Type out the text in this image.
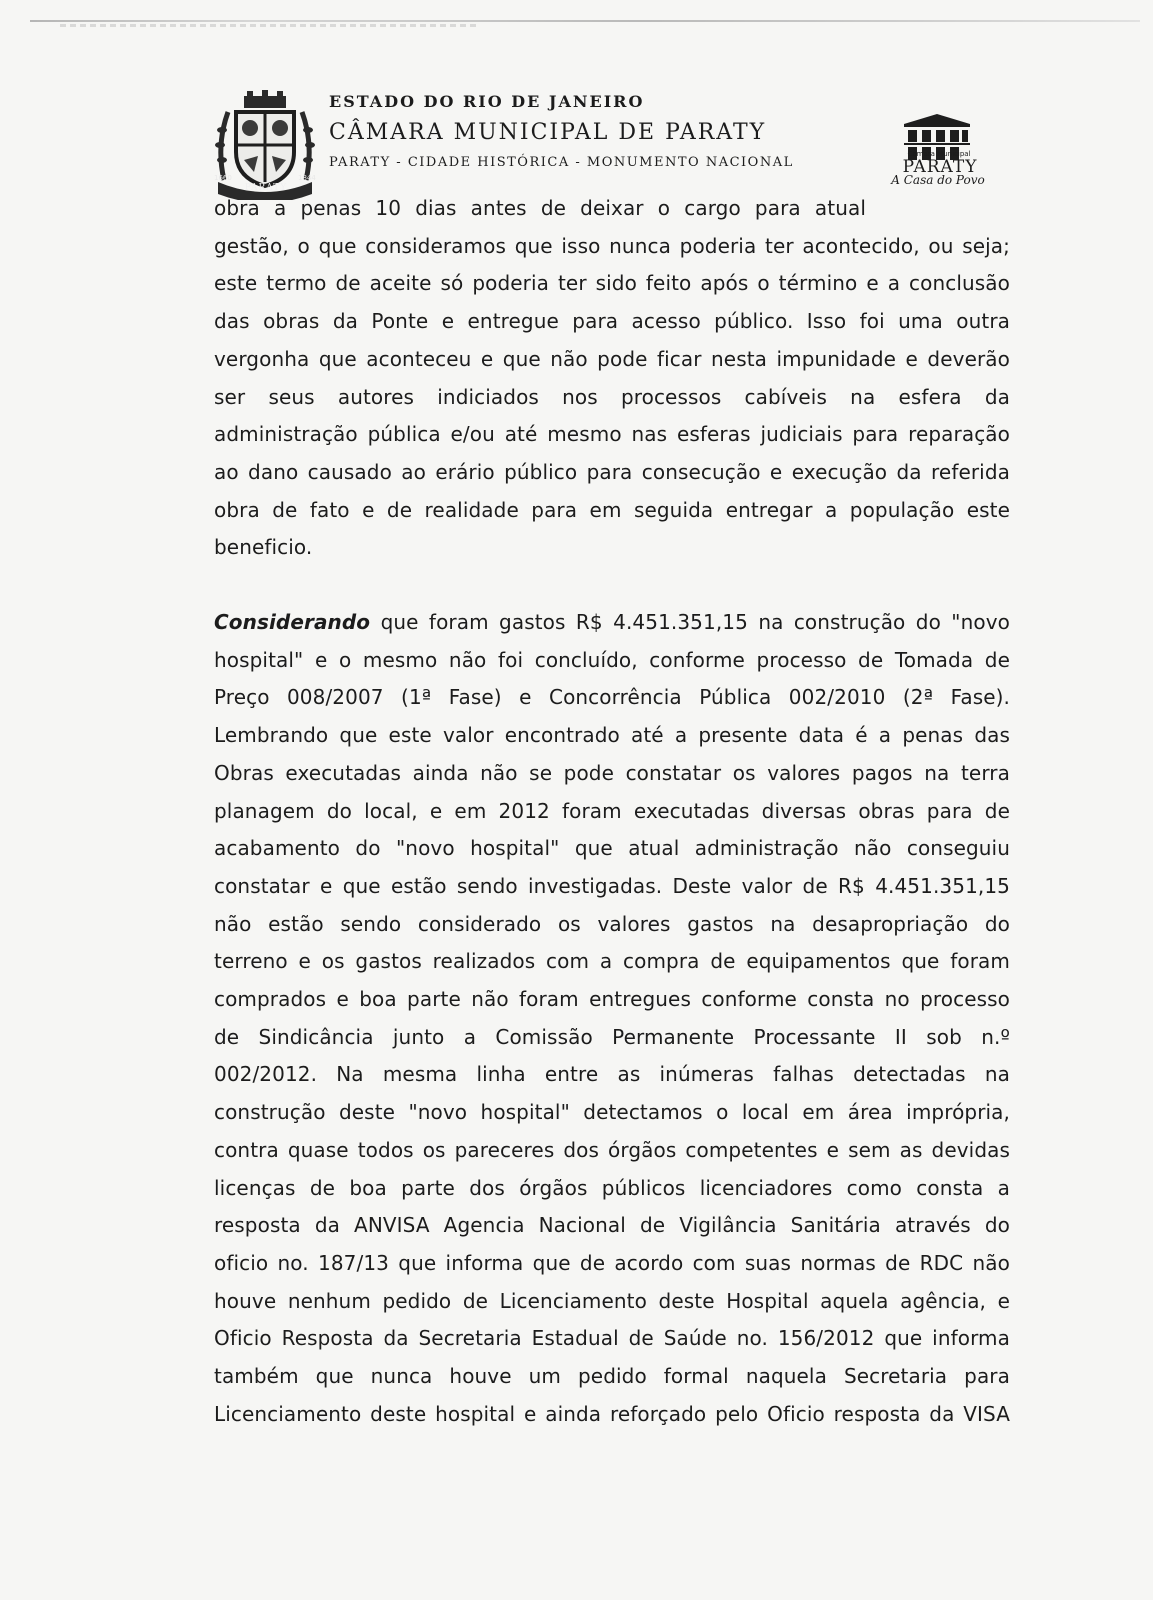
PARATY
1660	1844

ESTADO DO RIO DE JANEIRO

CÂMARA MUNICIPAL DE PARATY

PARATY - CIDADE HISTÓRICA - MONUMENTO NACIONAL

Câmara Municipal
PARATY
A Casa do Povo

obra a penas 10 dias antes de deixar o cargo para atual
gestão, o que consideramos que isso nunca poderia ter acontecido, ou seja;
este termo de aceite só poderia ter sido feito após o término e a conclusão
das obras da Ponte e entregue para acesso público. Isso foi uma outra
vergonha que aconteceu e que não pode ficar nesta impunidade e deverão
ser seus autores indiciados nos processos cabíveis na esfera da
administração pública e/ou até mesmo nas esferas judiciais para reparação
ao dano causado ao erário público para consecução e execução da referida
obra de fato e de realidade para em seguida entregar a população este
beneficio.

Considerando que foram gastos R$ 4.451.351,15 na construção do "novo
hospital" e o mesmo não foi concluído, conforme processo de Tomada de
Preço 008/2007 (1ª Fase) e Concorrência Pública 002/2010 (2ª Fase).
Lembrando que este valor encontrado até a presente data é a penas das
Obras executadas ainda não se pode constatar os valores pagos na terra
planagem do local, e em 2012 foram executadas diversas obras para de
acabamento do "novo hospital" que atual administração não conseguiu
constatar e que estão sendo investigadas. Deste valor de R$ 4.451.351,15
não estão sendo considerado os valores gastos na desapropriação do
terreno e os gastos realizados com a compra de equipamentos que foram
comprados e boa parte não foram entregues conforme consta no processo
de Sindicância junto a Comissão Permanente Processante II sob n.º
002/2012. Na mesma linha entre as inúmeras falhas detectadas na
construção deste "novo hospital" detectamos o local em área imprópria,
contra quase todos os pareceres dos órgãos competentes e sem as devidas
licenças de boa parte dos órgãos públicos licenciadores como consta a
resposta da ANVISA Agencia Nacional de Vigilância Sanitária através do
oficio no. 187/13 que informa que de acordo com suas normas de RDC não
houve nenhum pedido de Licenciamento deste Hospital aquela agência, e
Oficio Resposta da Secretaria Estadual de Saúde no. 156/2012 que informa
também que nunca houve um pedido formal naquela Secretaria para
Licenciamento deste hospital e ainda reforçado pelo Oficio resposta da VISA
